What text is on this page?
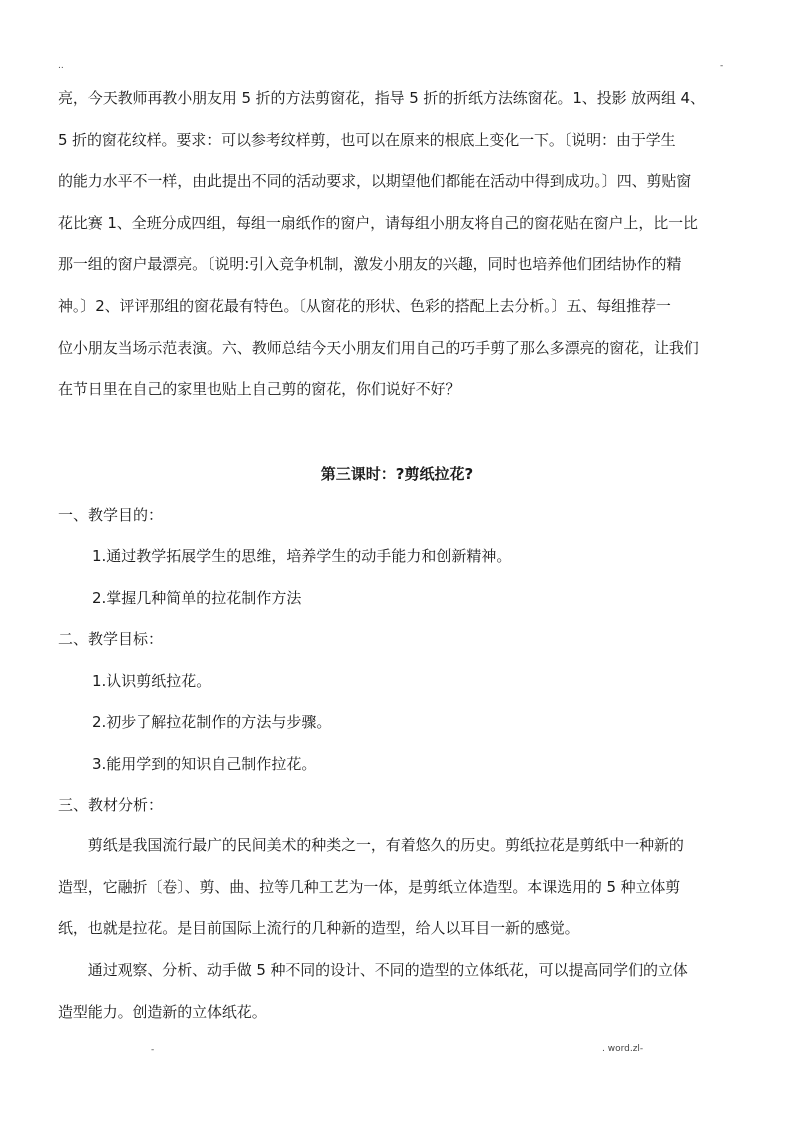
..	-
亮，今天教师再教小朋友用 5 折的方法剪窗花，指导 5 折的折纸方法练窗花。1、投影 放两组 4、
5 折的窗花纹样。要求：可以参考纹样剪，也可以在原来的根底上变化一下。〔说明：由于学生
的能力水平不一样，由此提出不同的活动要求，以期望他们都能在活动中得到成功。〕四、剪贴窗
花比赛 1、全班分成四组，每组一扇纸作的窗户，请每组小朋友将自己的窗花贴在窗户上，比一比
那一组的窗户最漂亮。〔说明:引入竞争机制，激发小朋友的兴趣，同时也培养他们团结协作的精
神。〕2、评评那组的窗花最有特色。〔从窗花的形状、色彩的搭配上去分析。〕五、每组推荐一
位小朋友当场示范表演。六、教师总结今天小朋友们用自己的巧手剪了那么多漂亮的窗花，让我们
在节日里在自己的家里也贴上自己剪的窗花，你们说好不好？
第三课时：?剪纸拉花?

一、教学目的：

1.通过教学拓展学生的思维，培养学生的动手能力和创新精神。

2.掌握几种简单的拉花制作方法

二、教学目标：

1.认识剪纸拉花。

2.初步了解拉花制作的方法与步骤。

3.能用学到的知识自己制作拉花。

三、教材分析：

　　剪纸是我国流行最广的民间美术的种类之一，有着悠久的历史。剪纸拉花是剪纸中一种新的
造型，它融折〔卷〕、剪、曲、拉等几种工艺为一体，是剪纸立体造型。本课选用的 5 种立体剪
纸，也就是拉花。是目前国际上流行的几种新的造型，给人以耳目一新的感觉。
　　通过观察、分析、动手做 5 种不同的设计、不同的造型的立体纸花，可以提高同学们的立体
造型能力。创造新的立体纸花。
-	. word.zl-
